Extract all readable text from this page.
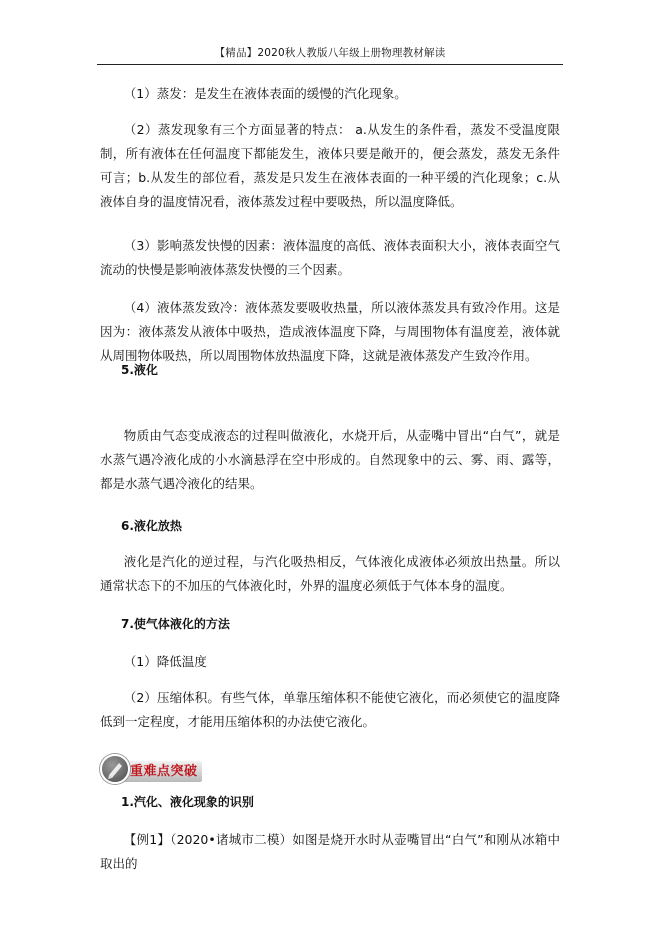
【精品】2020秋人教版八年级上册物理教材解读
（1）蒸发：是发生在液体表面的缓慢的汽化现象。
（2）蒸发现象有三个方面显著的特点： a.从发生的条件看，蒸发不受温度限制，所有液体在任何温度下都能发生，液体只要是敞开的，便会蒸发，蒸发无条件可言；b.从发生的部位看，蒸发是只发生在液体表面的一种平缓的汽化现象；c.从液体自身的温度情况看，液体蒸发过程中要吸热，所以温度降低。
（3）影响蒸发快慢的因素：液体温度的高低、液体表面积大小，液体表面空气流动的快慢是影响液体蒸发快慢的三个因素。
（4）液体蒸发致冷：液体蒸发要吸收热量，所以液体蒸发具有致冷作用。这是因为：液体蒸发从液体中吸热，造成液体温度下降，与周围物体有温度差，液体就从周围物体吸热，所以周围物体放热温度下降，这就是液体蒸发产生致冷作用。
5.液化
物质由气态变成液态的过程叫做液化，水烧开后，从壶嘴中冒出“白气”，就是水蒸气遇冷液化成的小水滴悬浮在空中形成的。自然现象中的云、雾、雨、露等，都是水蒸气遇冷液化的结果。
6.液化放热
液化是汽化的逆过程，与汽化吸热相反，气体液化成液体必须放出热量。所以通常状态下的不加压的气体液化时，外界的温度必须低于气体本身的温度。
7.使气体液化的方法
（1）降低温度
（2）压缩体积。有些气体，单靠压缩体积不能使它液化，而必须使它的温度降低到一定程度，才能用压缩体积的办法使它液化。
1.汽化、液化现象的识别
【例1】（2020•诸城市二模）如图是烧开水时从壶嘴冒出“白气”和刚从冰箱中取出的
重难点突破
